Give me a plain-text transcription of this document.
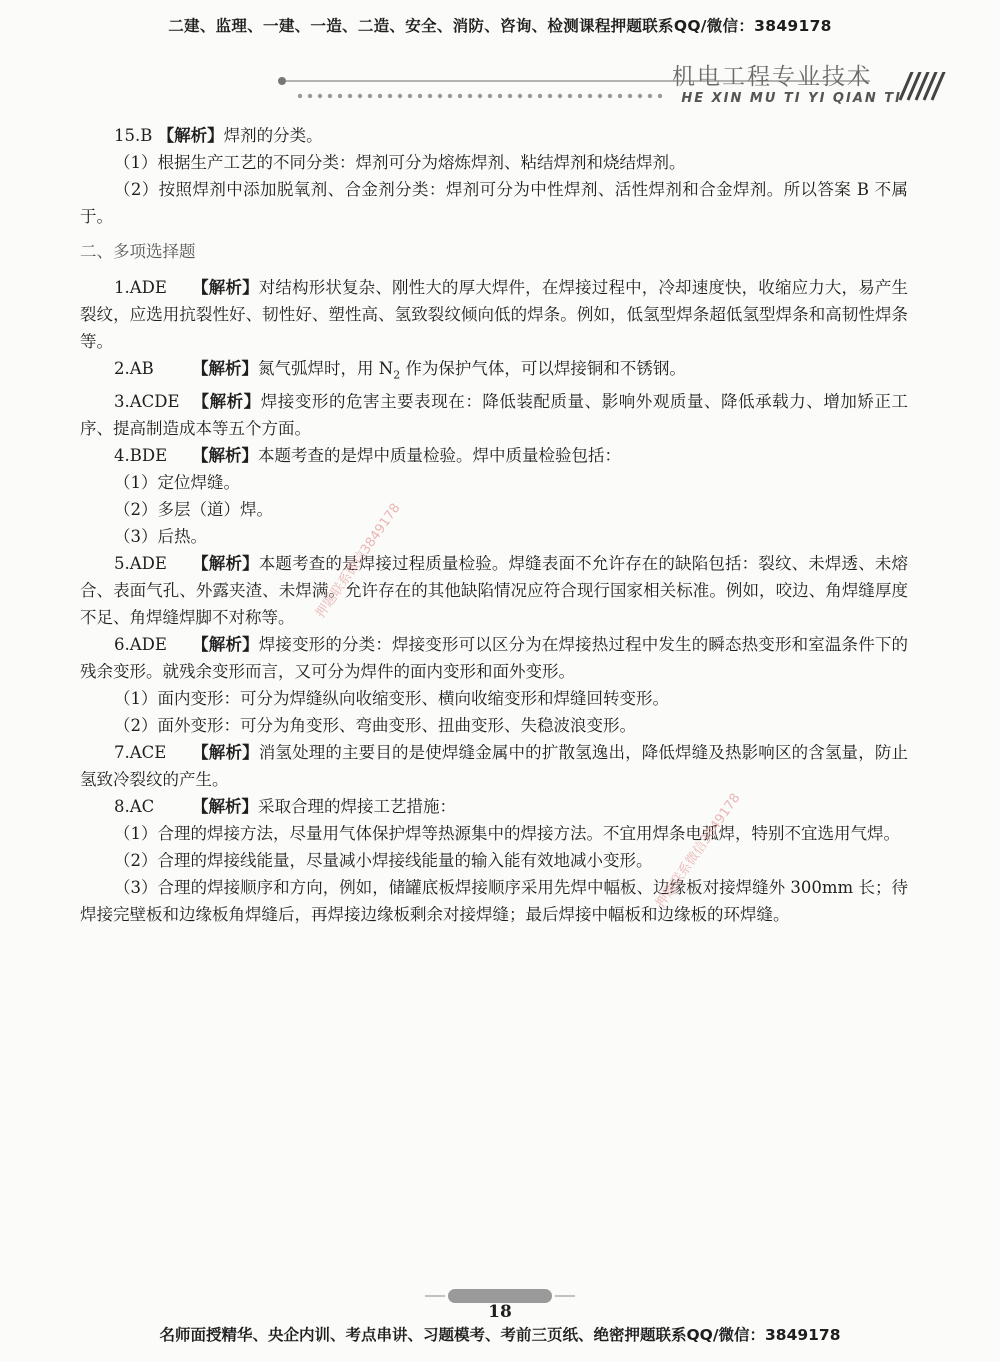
二建、监理、一建、一造、二造、安全、消防、咨询、检测课程押题联系QQ/微信：3849178
机电工程专业技术
HE XIN MU TI YI QIAN TI

15.B 【解析】焊剂的分类。

（1）根据生产工艺的不同分类：焊剂可分为熔炼焊剂、粘结焊剂和烧结焊剂。

（2）按照焊剂中添加脱氧剂、合金剂分类：焊剂可分为中性焊剂、活性焊剂和合金焊剂。所以答案 B 不属于。

二、多项选择题

1.ADE 【解析】对结构形状复杂、刚性大的厚大焊件，在焊接过程中，冷却速度快，收缩应力大，易产生裂纹，应选用抗裂性好、韧性好、塑性高、氢致裂纹倾向低的焊条。例如，低氢型焊条超低氢型焊条和高韧性焊条等。

2.AB 【解析】氮气弧焊时，用 $N_2$ 作为保护气体，可以焊接铜和不锈钢。

3.ACDE 【解析】焊接变形的危害主要表现在：降低装配质量、影响外观质量、降低承载力、增加矫正工序、提高制造成本等五个方面。

4.BDE 【解析】本题考查的是焊中质量检验。焊中质量检验包括：

（1）定位焊缝。

（2）多层（道）焊。

（3）后热。

5.ADE 【解析】本题考查的是焊接过程质量检验。焊缝表面不允许存在的缺陷包括：裂纹、未焊透、未熔合、表面气孔、外露夹渣、未焊满。允许存在的其他缺陷情况应符合现行国家相关标准。例如，咬边、角焊缝厚度不足、角焊缝焊脚不对称等。

6.ADE 【解析】焊接变形的分类：焊接变形可以区分为在焊接热过程中发生的瞬态热变形和室温条件下的残余变形。就残余变形而言，又可分为焊件的面内变形和面外变形。

（1）面内变形：可分为焊缝纵向收缩变形、横向收缩变形和焊缝回转变形。

（2）面外变形：可分为角变形、弯曲变形、扭曲变形、失稳波浪变形。

7.ACE 【解析】消氢处理的主要目的是使焊缝金属中的扩散氢逸出，降低焊缝及热影响区的含氢量，防止氢致冷裂纹的产生。

8.AC 【解析】采取合理的焊接工艺措施：

（1）合理的焊接方法，尽量用气体保护焊等热源集中的焊接方法。不宜用焊条电弧焊，特别不宜选用气焊。

（2）合理的焊接线能量，尽量减小焊接线能量的输入能有效地减小变形。

（3）合理的焊接顺序和方向，例如，储罐底板焊接顺序采用先焊中幅板、边缘板对接焊缝外 300mm 长；待焊接完壁板和边缘板角焊缝后，再焊接边缘板剩余对接焊缝；最后焊接中幅板和边缘板的环焊缝。

押题联系微信3849178
押题联系微信3849178
18
名师面授精华、央企内训、考点串讲、习题模考、考前三页纸、绝密押题联系QQ/微信：3849178
